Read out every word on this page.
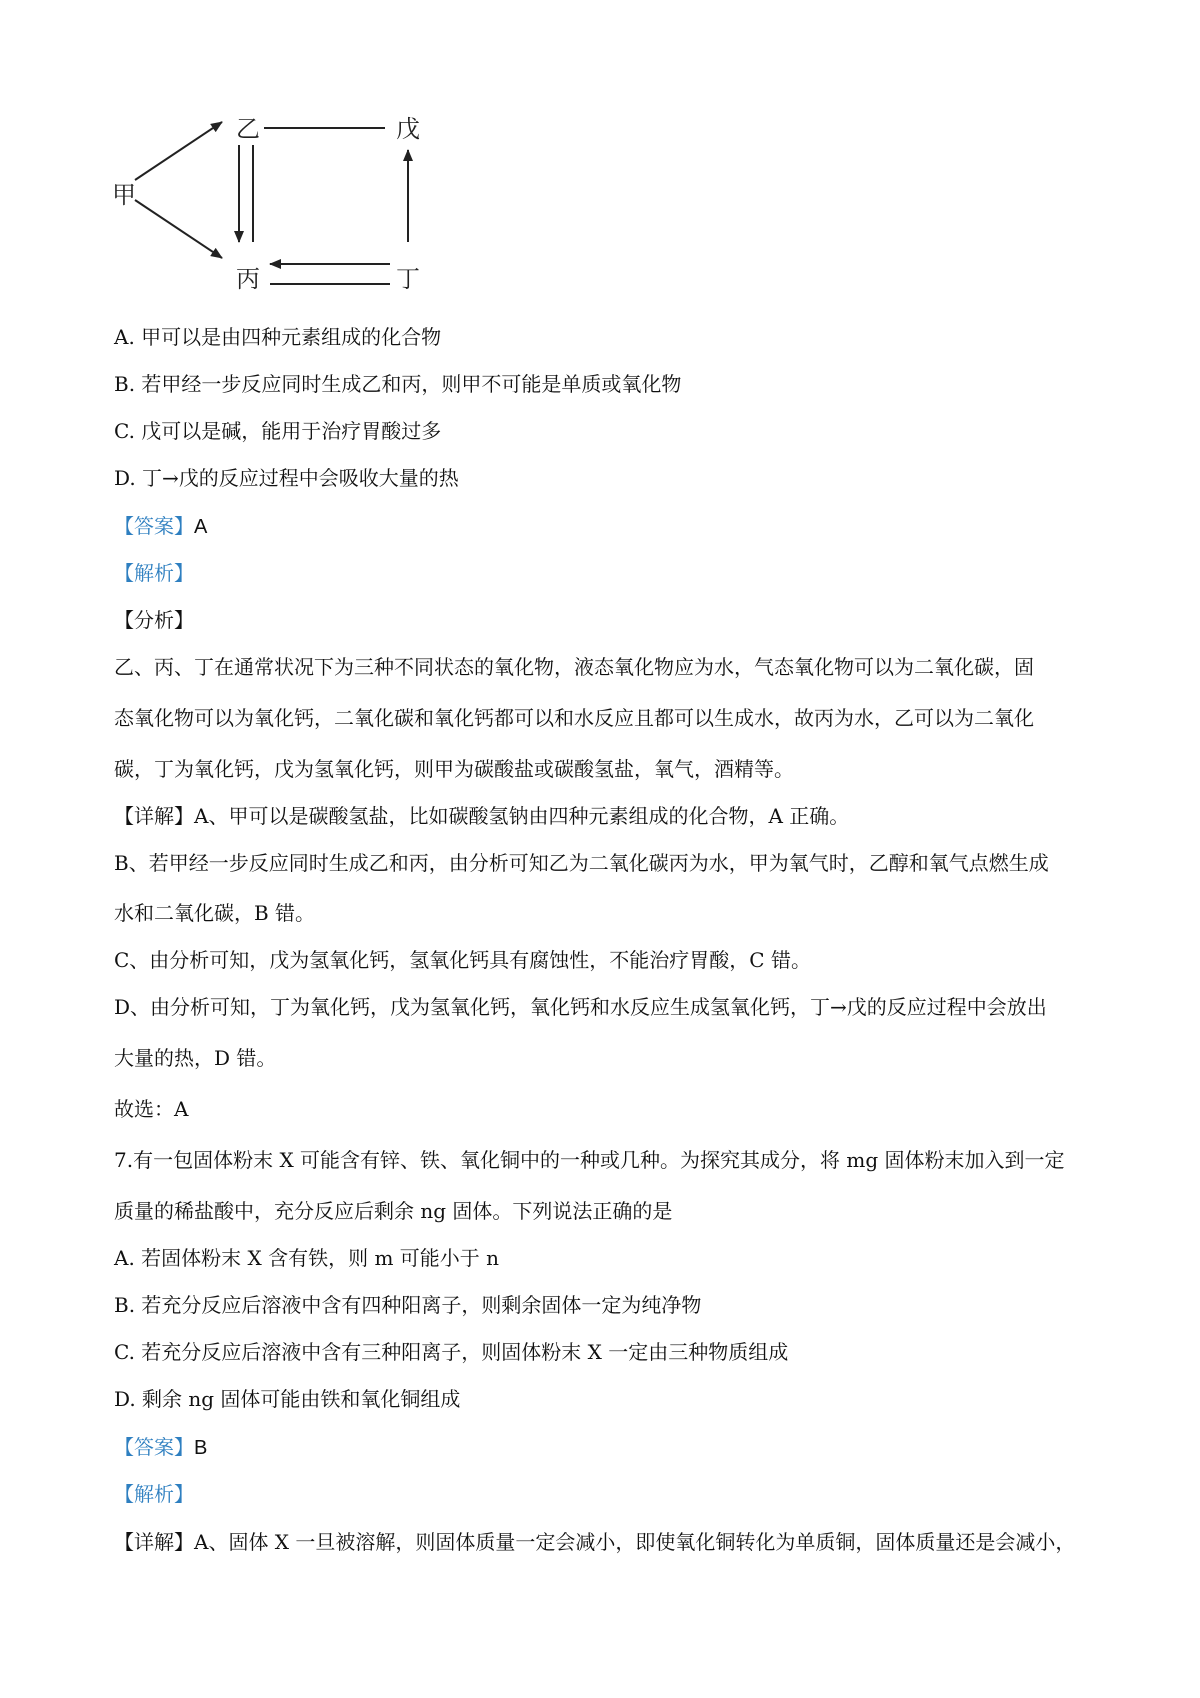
甲
乙	戊
丙	丁
A. 甲可以是由四种元素组成的化合物
B. 若甲经一步反应同时生成乙和丙，则甲不可能是单质或氧化物
C. 戊可以是碱，能用于治疗胃酸过多
D. 丁→戊的反应过程中会吸收大量的热
【答案】A
【解析】
【分析】
乙、丙、丁在通常状况下为三种不同状态的氧化物，液态氧化物应为水，气态氧化物可以为二氧化碳，固
态氧化物可以为氧化钙，二氧化碳和氧化钙都可以和水反应且都可以生成水，故丙为水，乙可以为二氧化
碳，丁为氧化钙，戊为氢氧化钙，则甲为碳酸盐或碳酸氢盐，氧气，酒精等。
【详解】A、甲可以是碳酸氢盐，比如碳酸氢钠由四种元素组成的化合物，A 正确。
B、若甲经一步反应同时生成乙和丙，由分析可知乙为二氧化碳丙为水，甲为氧气时，乙醇和氧气点燃生成
水和二氧化碳，B 错。
C、由分析可知，戊为氢氧化钙，氢氧化钙具有腐蚀性，不能治疗胃酸，C 错。
D、由分析可知，丁为氧化钙，戊为氢氧化钙，氧化钙和水反应生成氢氧化钙，丁→戊的反应过程中会放出
大量的热，D 错。
故选：A
7.有一包固体粉末 X 可能含有锌、铁、氧化铜中的一种或几种。为探究其成分，将 mg 固体粉末加入到一定
质量的稀盐酸中，充分反应后剩余 ng 固体。下列说法正确的是
A. 若固体粉末 X 含有铁，则 m 可能小于 n
B. 若充分反应后溶液中含有四种阳离子，则剩余固体一定为纯净物
C. 若充分反应后溶液中含有三种阳离子，则固体粉末 X 一定由三种物质组成
D. 剩余 ng 固体可能由铁和氧化铜组成
【答案】B
【解析】
【详解】A、固体 X 一旦被溶解，则固体质量一定会减小，即使氧化铜转化为单质铜，固体质量还是会减小，
